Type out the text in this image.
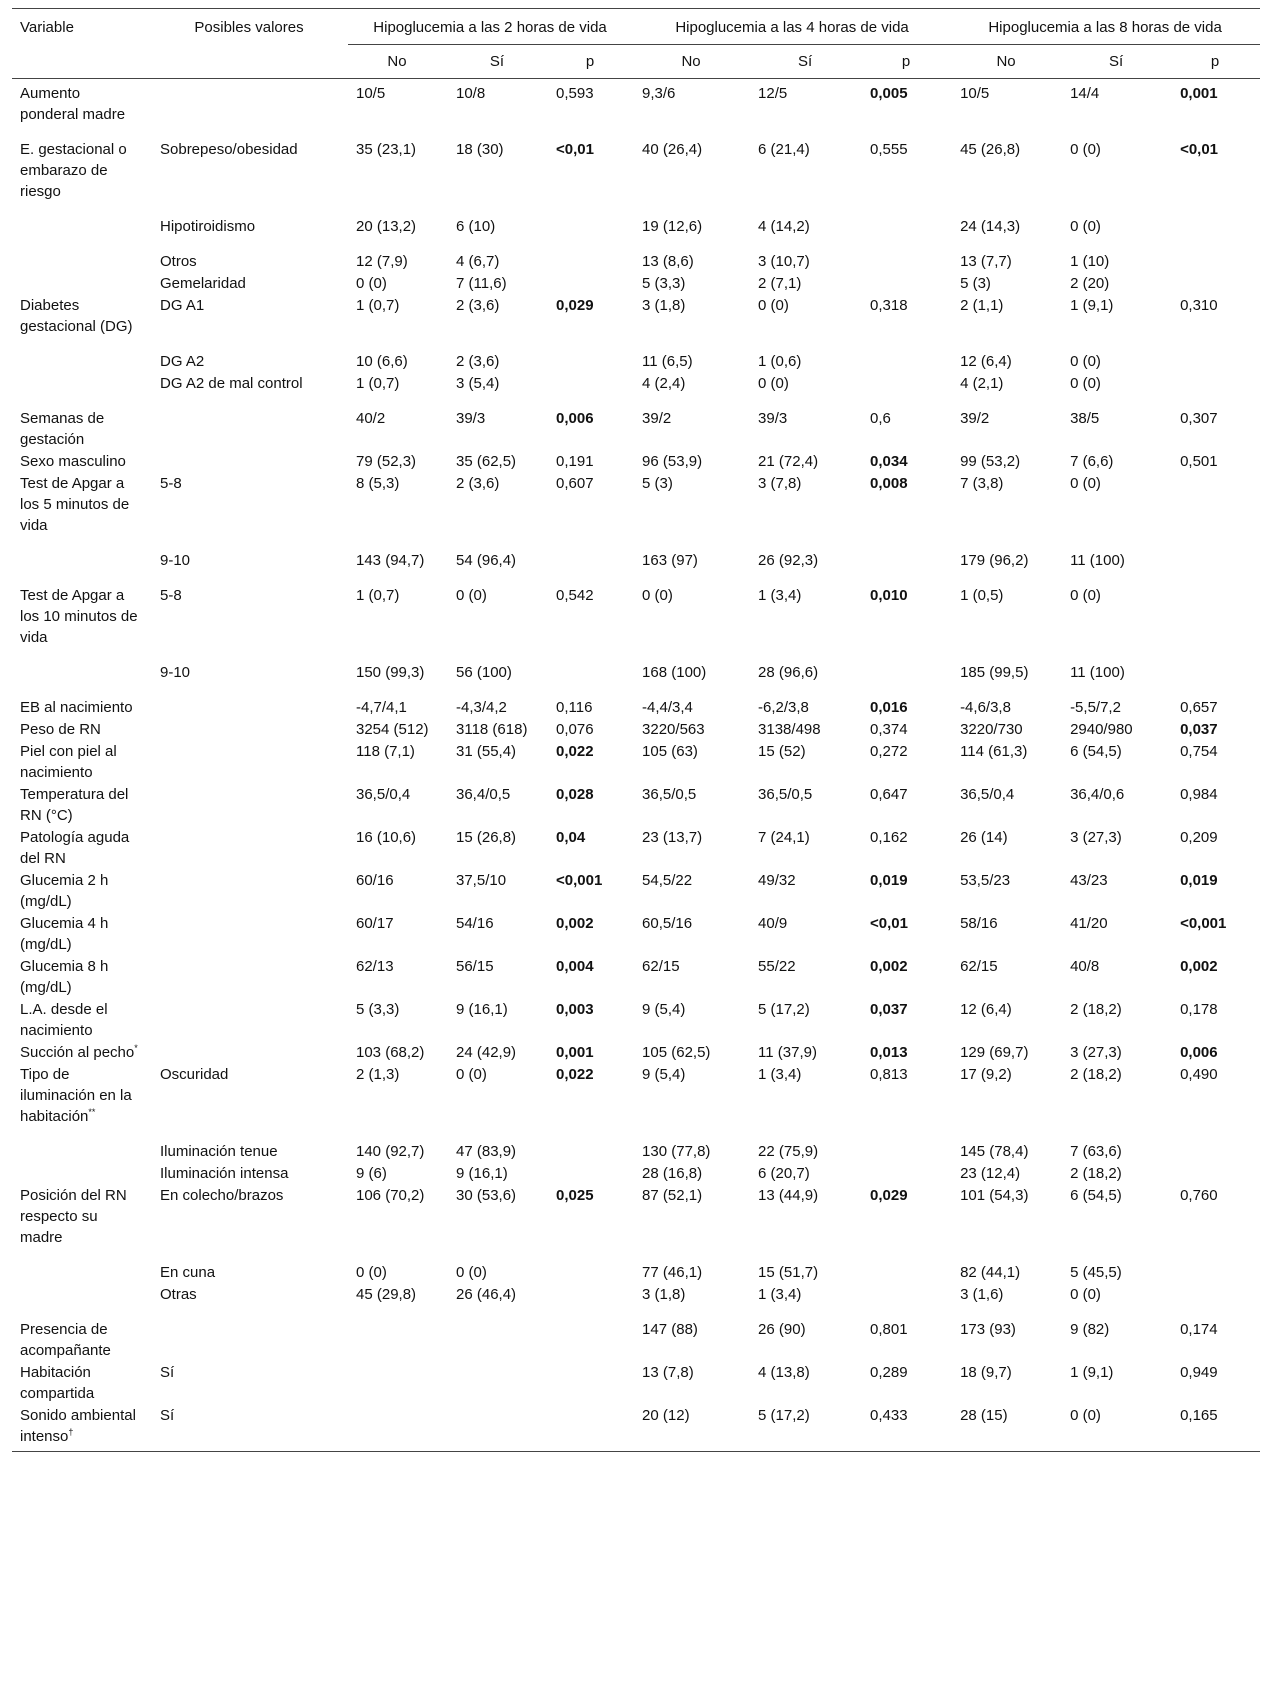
Variable	Posibles valores	Hipoglucemia a las 2 horas de vida			Hipoglucemia a las 4 horas de vida			Hipoglucemia a las 8 horas de vida		
		No	Sí	p	No	Sí	p	No	Sí	p
Aumento ponderal madre		10/5	10/8	0,593	9,3/6	12/5	0,005	10/5	14/4	0,001
E. gestacional o embarazo de riesgo	Sobrepeso/obesidad	35 (23,1)	18 (30)	<0,01	40 (26,4)	6 (21,4)	0,555	45 (26,8)	0 (0)	<0,01
	Hipotiroidismo	20 (13,2)	6 (10)		19 (12,6)	4 (14,2)		24 (14,3)	0 (0)	
	Otros	12 (7,9)	4 (6,7)		13 (8,6)	3 (10,7)		13 (7,7)	1 (10)	
	Gemelaridad	0 (0)	7 (11,6)		5 (3,3)	2 (7,1)		5 (3)	2 (20)	
Diabetes gestacional (DG)	DG A1	1 (0,7)	2 (3,6)	0,029	3 (1,8)	0 (0)	0,318	2 (1,1)	1 (9,1)	0,310
	DG A2	10 (6,6)	2 (3,6)		11 (6,5)	1 (0,6)		12 (6,4)	0 (0)	
	DG A2 de mal control	1 (0,7)	3 (5,4)		4 (2,4)	0 (0)		4 (2,1)	0 (0)	
Semanas de gestación		40/2	39/3	0,006	39/2	39/3	0,6	39/2	38/5	0,307
Sexo masculino		79 (52,3)	35 (62,5)	0,191	96 (53,9)	21 (72,4)	0,034	99 (53,2)	7 (6,6)	0,501
Test de Apgar a los 5 minutos de vida	5-8	8 (5,3)	2 (3,6)	0,607	5 (3)	3 (7,8)	0,008	7 (3,8)	0 (0)	
	9-10	143 (94,7)	54 (96,4)		163 (97)	26 (92,3)		179 (96,2)	11 (100)	
Test de Apgar a los 10 minutos de vida	5-8	1 (0,7)	0 (0)	0,542	0 (0)	1 (3,4)	0,010	1 (0,5)	0 (0)	
	9-10	150 (99,3)	56 (100)		168 (100)	28 (96,6)		185 (99,5)	11 (100)	
EB al nacimiento		-4,7/4,1	-4,3/4,2	0,116	-4,4/3,4	-6,2/3,8	0,016	-4,6/3,8	-5,5/7,2	0,657
Peso de RN		3254 (512)	3118 (618)	0,076	3220/563	3138/498	0,374	3220/730	2940/980	0,037
Piel con piel al nacimiento		118 (7,1)	31 (55,4)	0,022	105 (63)	15 (52)	0,272	114 (61,3)	6 (54,5)	0,754
Temperatura del RN (°C)		36,5/0,4	36,4/0,5	0,028	36,5/0,5	36,5/0,5	0,647	36,5/0,4	36,4/0,6	0,984
Patología aguda del RN		16 (10,6)	15 (26,8)	0,04	23 (13,7)	7 (24,1)	0,162	26 (14)	3 (27,3)	0,209
Glucemia 2 h (mg/dL)		60/16	37,5/10	<0,001	54,5/22	49/32	0,019	53,5/23	43/23	0,019
Glucemia 4 h (mg/dL)		60/17	54/16	0,002	60,5/16	40/9	<0,01	58/16	41/20	<0,001
Glucemia 8 h (mg/dL)		62/13	56/15	0,004	62/15	55/22	0,002	62/15	40/8	0,002
L.A. desde el nacimiento		5 (3,3)	9 (16,1)	0,003	9 (5,4)	5 (17,2)	0,037	12 (6,4)	2 (18,2)	0,178
Succión al pecho*		103 (68,2)	24 (42,9)	0,001	105 (62,5)	11 (37,9)	0,013	129 (69,7)	3 (27,3)	0,006
Tipo de iluminación en la habitación**	Oscuridad	2 (1,3)	0 (0)	0,022	9 (5,4)	1 (3,4)	0,813	17 (9,2)	2 (18,2)	0,490
	Iluminación tenue	140 (92,7)	47 (83,9)		130 (77,8)	22 (75,9)		145 (78,4)	7 (63,6)	
	Iluminación intensa	9 (6)	9 (16,1)		28 (16,8)	6 (20,7)		23 (12,4)	2 (18,2)	
Posición del RN respecto su madre	En colecho/brazos	106 (70,2)	30 (53,6)	0,025	87 (52,1)	13 (44,9)	0,029	101 (54,3)	6 (54,5)	0,760
	En cuna	0 (0)	0 (0)		77 (46,1)	15 (51,7)		82 (44,1)	5 (45,5)	
	Otras	45 (29,8)	26 (46,4)		3 (1,8)	1 (3,4)		3 (1,6)	0 (0)	
Presencia de acompañante					147 (88)	26 (90)	0,801	173 (93)	9 (82)	0,174
Habitación compartida	Sí				13 (7,8)	4 (13,8)	0,289	18 (9,7)	1 (9,1)	0,949
Sonido ambiental intenso†	Sí				20 (12)	5 (17,2)	0,433	28 (15)	0 (0)	0,165
